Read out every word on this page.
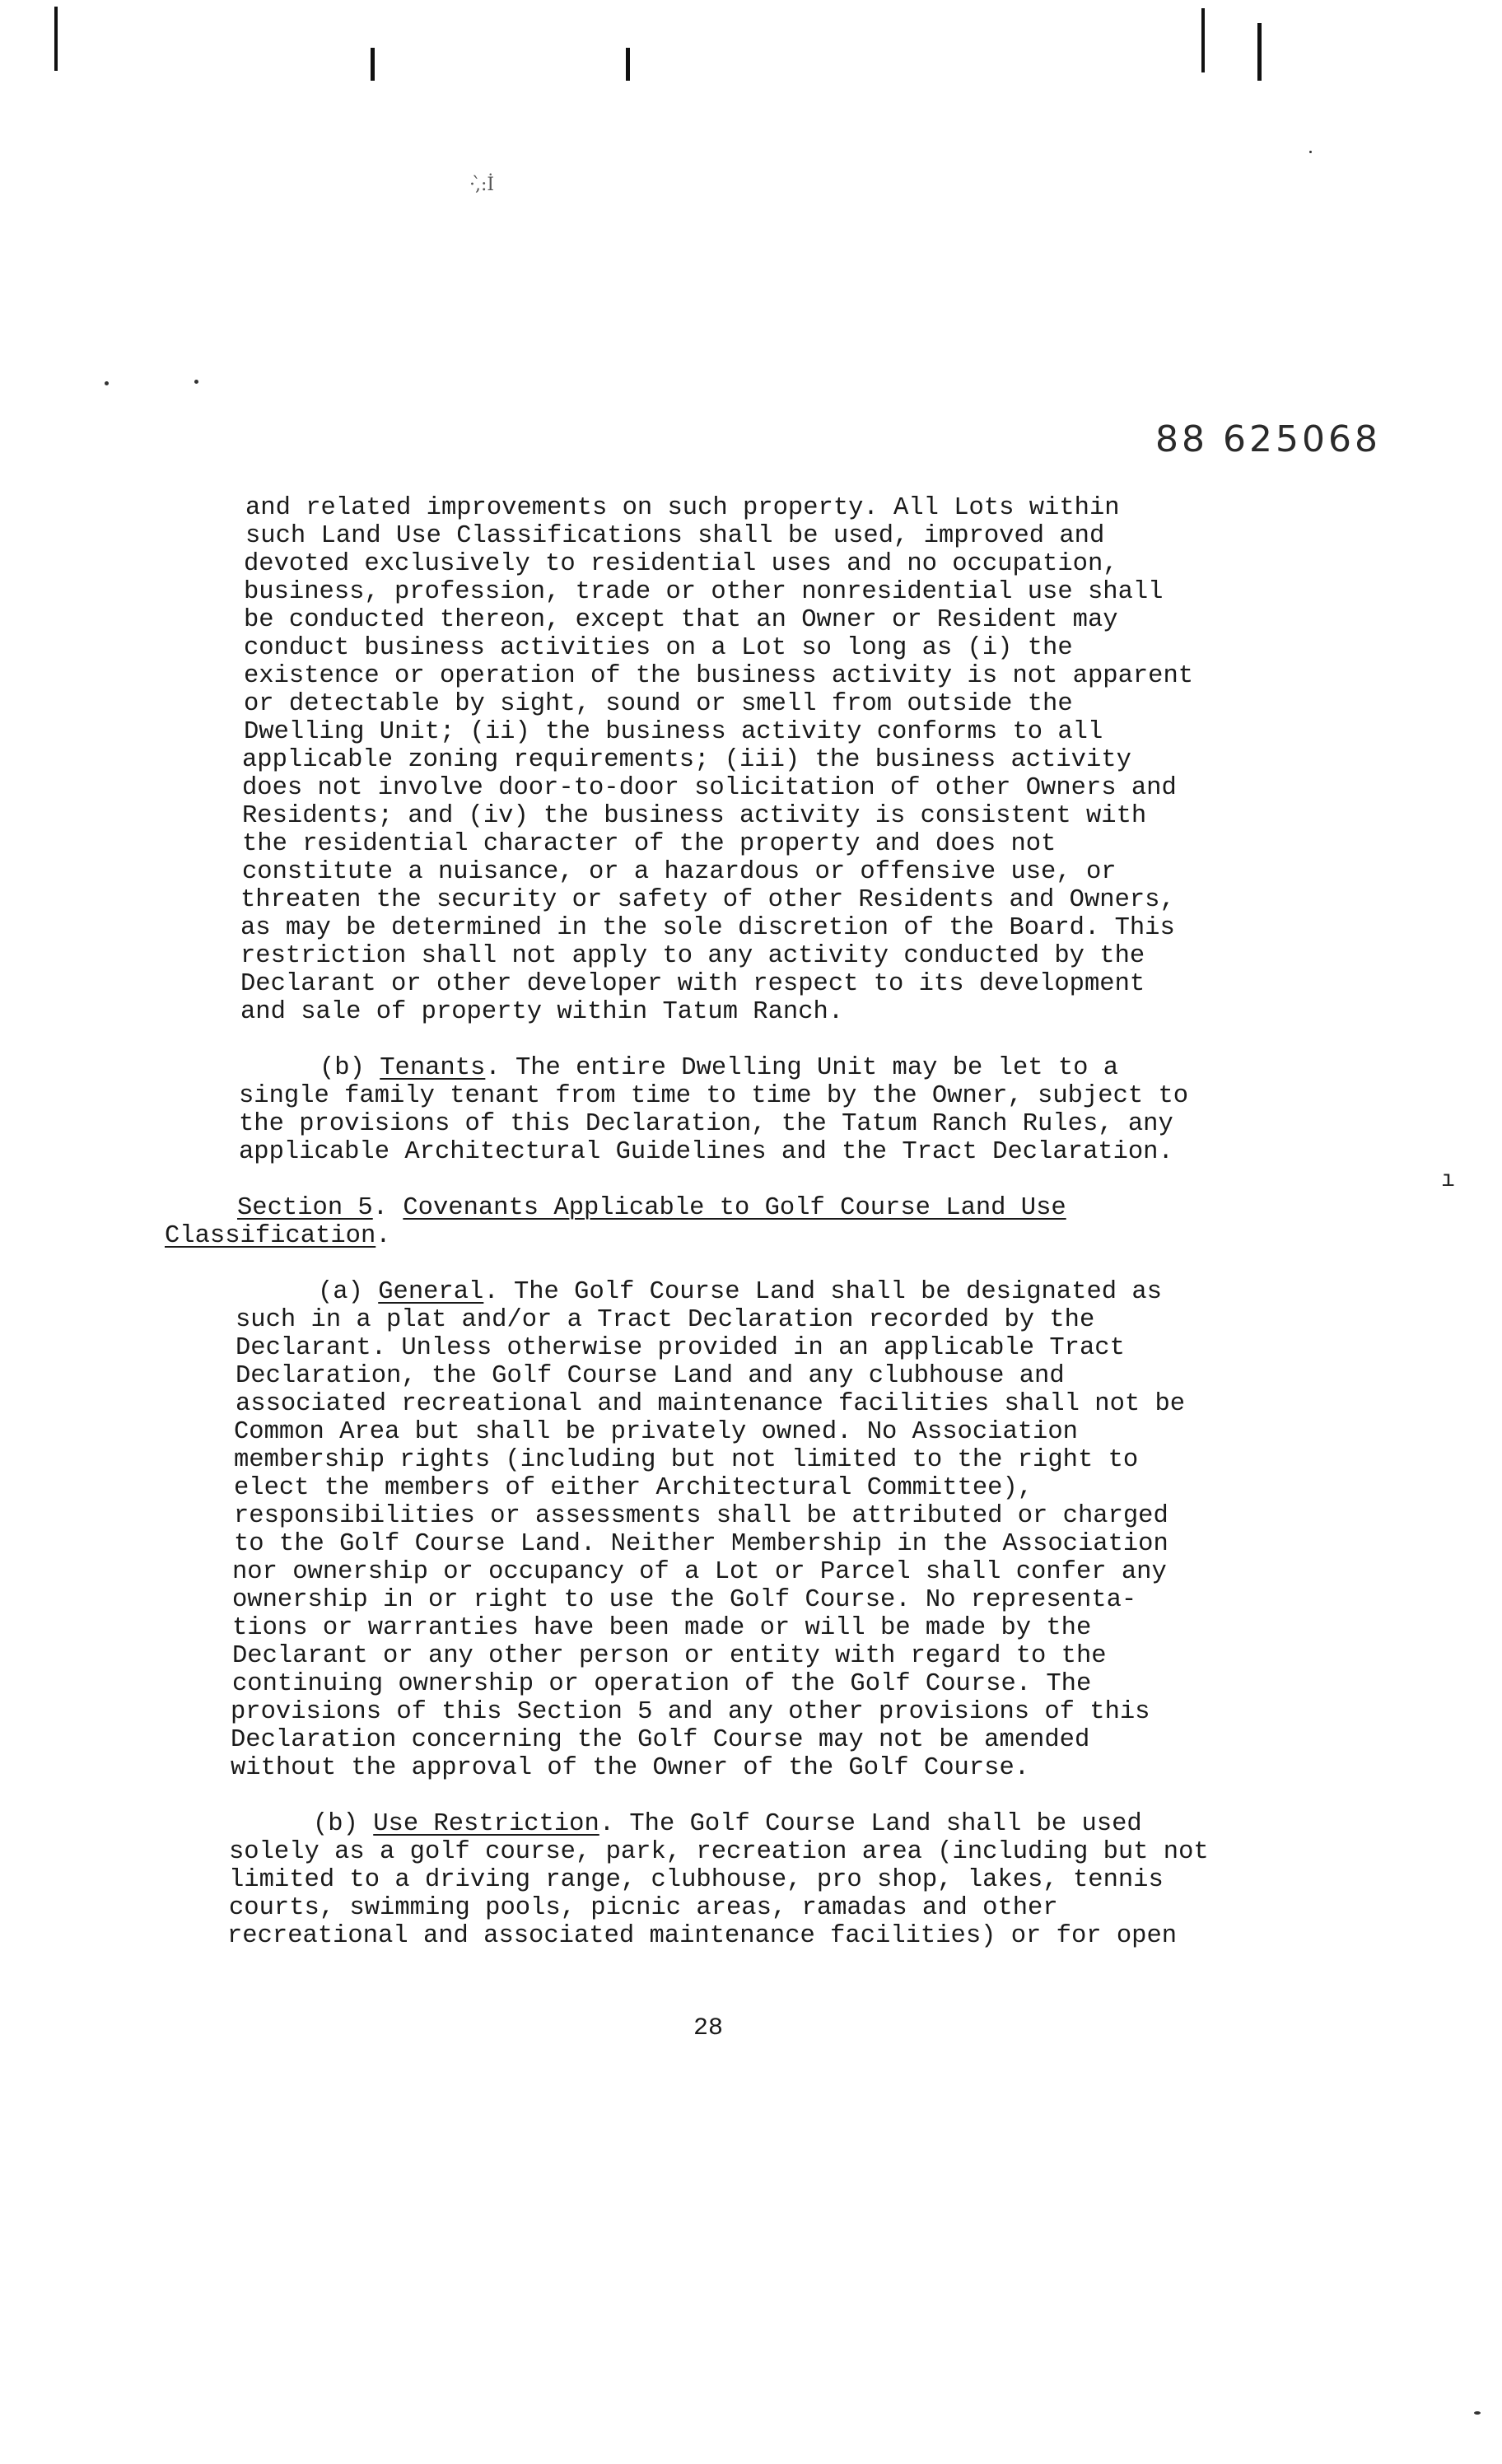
·,̀:İ
88 625068
and related improvements on such property. All Lots within
such Land Use Classifications shall be used, improved and
devoted exclusively to residential uses and no occupation,
business, profession, trade or other nonresidential use shall
be conducted thereon, except that an Owner or Resident may
conduct business activities on a Lot so long as (i) the
existence or operation of the business activity is not apparent
or detectable by sight, sound or smell from outside the
Dwelling Unit; (ii) the business activity conforms to all
applicable zoning requirements; (iii) the business activity
does not involve door-to-door solicitation of other Owners and
Residents; and (iv) the business activity is consistent with
the residential character of the property and does not
constitute a nuisance, or a hazardous or offensive use, or
threaten the security or safety of other Residents and Owners,
as may be determined in the sole discretion of the Board. This
restriction shall not apply to any activity conducted by the
Declarant or other developer with respect to its development
and sale of property within Tatum Ranch.
(b) Tenants. The entire Dwelling Unit may be let to a
single family tenant from time to time by the Owner, subject to
the provisions of this Declaration, the Tatum Ranch Rules, any
applicable Architectural Guidelines and the Tract Declaration.
ı
Section 5. Covenants Applicable to Golf Course Land Use
Classification.
(a) General. The Golf Course Land shall be designated as
such in a plat and/or a Tract Declaration recorded by the
Declarant. Unless otherwise provided in an applicable Tract
Declaration, the Golf Course Land and any clubhouse and
associated recreational and maintenance facilities shall not be
Common Area but shall be privately owned. No Association
membership rights (including but not limited to the right to
elect the members of either Architectural Committee),
responsibilities or assessments shall be attributed or charged
to the Golf Course Land. Neither Membership in the Association
nor ownership or occupancy of a Lot or Parcel shall confer any
ownership in or right to use the Golf Course. No representa-
tions or warranties have been made or will be made by the
Declarant or any other person or entity with regard to the
continuing ownership or operation of the Golf Course. The
provisions of this Section 5 and any other provisions of this
Declaration concerning the Golf Course may not be amended
without the approval of the Owner of the Golf Course.
(b) Use Restriction. The Golf Course Land shall be used
solely as a golf course, park, recreation area (including but not
limited to a driving range, clubhouse, pro shop, lakes, tennis
courts, swimming pools, picnic areas, ramadas and other
recreational and associated maintenance facilities) or for open
28
